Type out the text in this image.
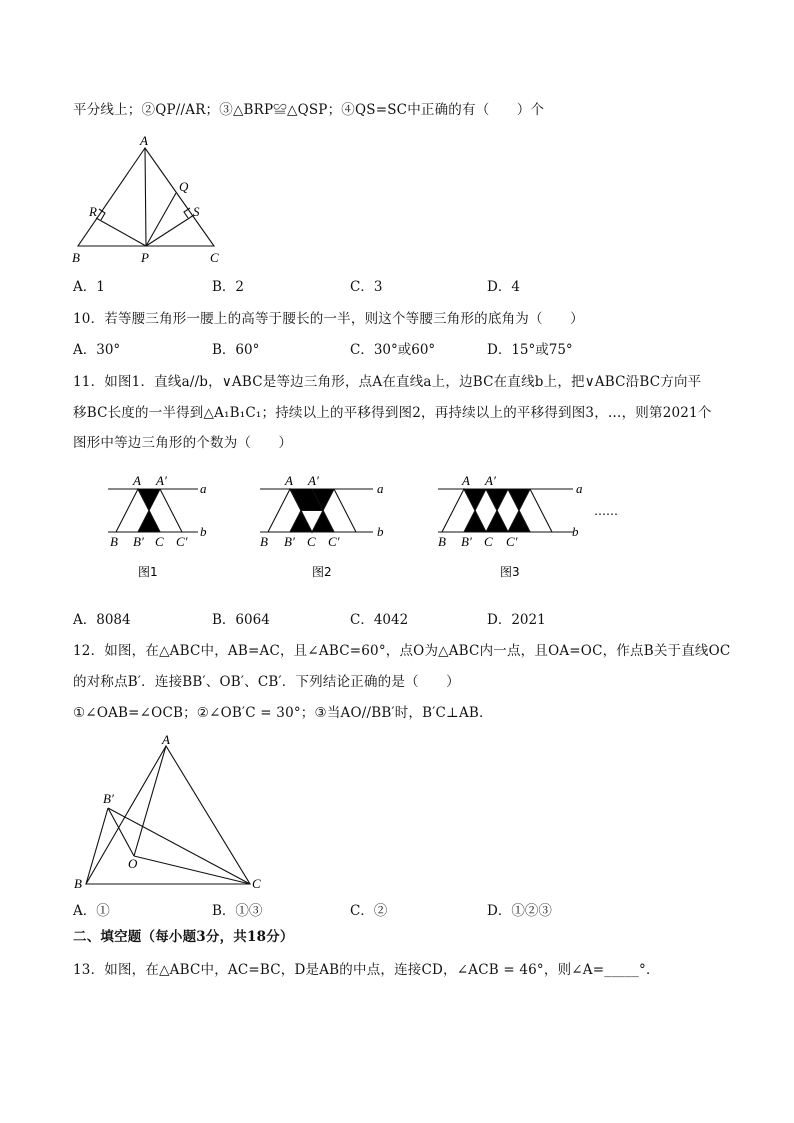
平分线上；②QP//AR；③△BRP≌△QSP；④QS=SC中正确的有（　　）个
A
B	C
P
Q
R	S
A．1	B．2	C．3	D．4
10．若等腰三角形一腰上的高等于腰长的一半，则这个等腰三角形的底角为（　　）
A．30°	B．60°	C．30°或60°	D．15°或75°
11．如图1．直线a//b，∨ABC是等边三角形，点A在直线a上，边BC在直线b上，把∨ABC沿BC方向平
移BC长度的一半得到△A₁B₁C₁；持续以上的平移得到图2，再持续以上的平移得到图3，…，则第2021个
图形中等边三角形的个数为（　　）
A A′
a
b
B B′ C C′
图1
A A′
a
b
B B′ C C′
图2
A A′
a
b
B B′ C C′
图3
……
A．8084	B．6064	C．4042	D．2021
12．如图，在△ABC中，AB=AC，且∠ABC=60°，点O为△ABC内一点，且OA=OC，作点B关于直线OC
的对称点B′．连接BB′、OB′、CB′．下列结论正确的是（　　）
①∠OAB=∠OCB；②∠OB′C = 30°；③当AO//BB′时，B′C⊥AB．
A
B
B′
C
O
A．①	B．①③	C．②	D．①②③
二、填空题（每小题3分，共18分）
13．如图，在△ABC中，AC=BC，D是AB的中点，连接CD，∠ACB = 46°，则∠A=_____°．
